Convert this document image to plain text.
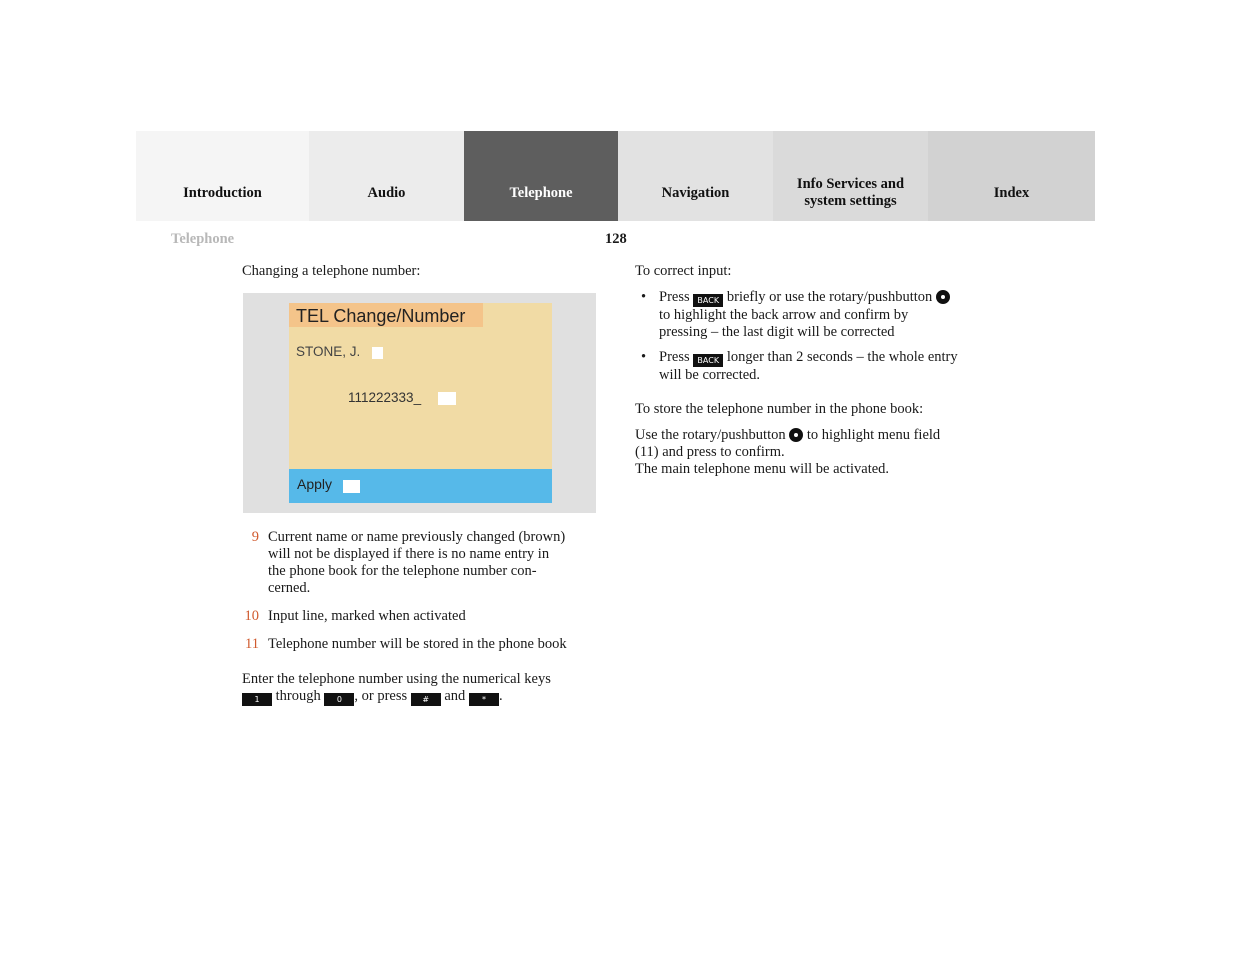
Introduction	Audio	Telephone	Navigation
Info Services and
system settings	Index
Telephone	128
Changing a telephone number:
TEL Change/Number
STONE, J.
111222333_
Apply
9 Current name or name previously changed (brown)
will not be displayed if there is no name entry in
the phone book for the telephone number con-
cerned.
10 Input line, marked when activated
11 Telephone number will be stored in the phone book
Enter the telephone number using the numerical keys
1 through 0 , or press # and * .
To correct input:
• Press BACK briefly or use the rotary/pushbutton
to highlight the back arrow and confirm by
pressing – the last digit will be corrected
• Press BACK longer than 2 seconds – the whole entry
will be corrected.
To store the telephone number in the phone book:
Use the rotary/pushbutton to highlight menu field
(11) and press to confirm.
The main telephone menu will be activated.
